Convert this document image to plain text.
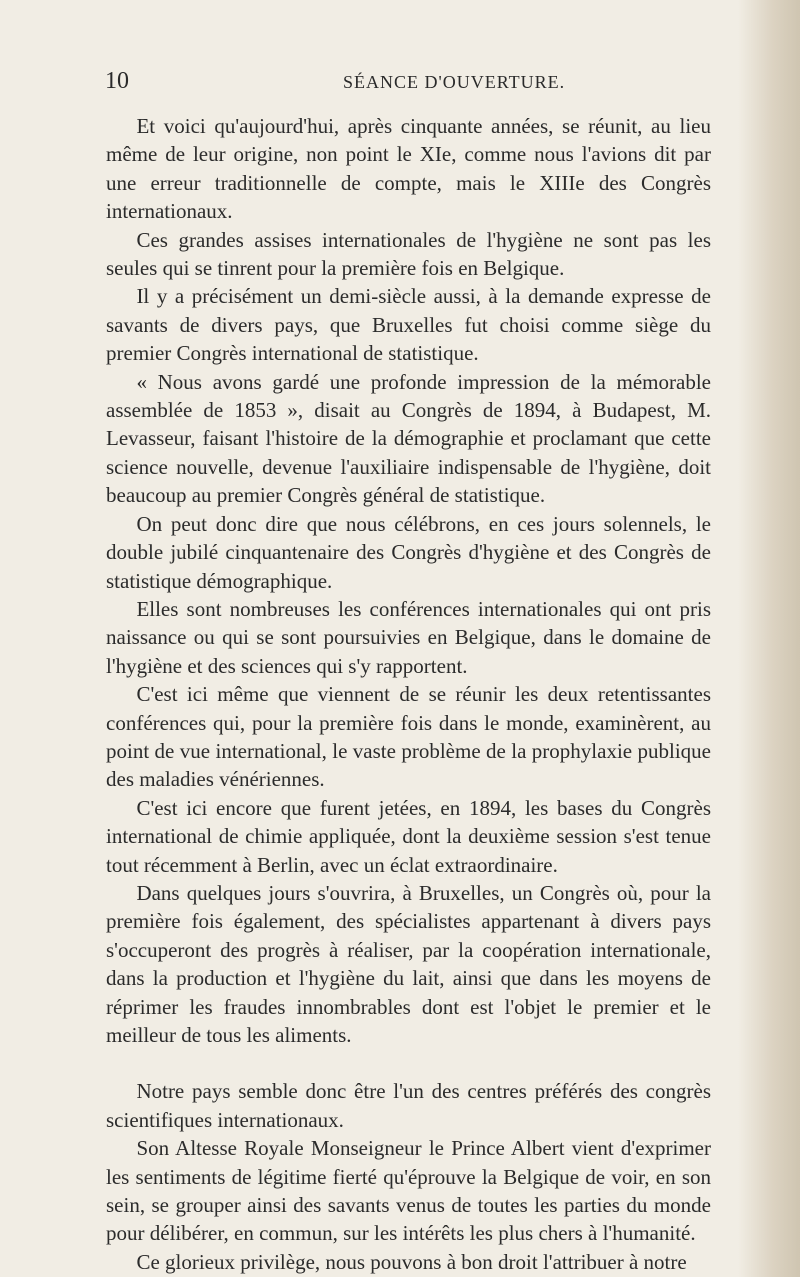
10	SÉANCE D'OUVERTURE.

Et voici qu'aujourd'hui, après cinquante années, se réunit, au lieu même de leur origine, non point le XIe, comme nous l'avions dit par une erreur traditionnelle de compte, mais le XIIIe des Congrès internationaux.

Ces grandes assises internationales de l'hygiène ne sont pas les seules qui se tinrent pour la première fois en Belgique.

Il y a précisément un demi-siècle aussi, à la demande expresse de savants de divers pays, que Bruxelles fut choisi comme siège du premier Congrès international de statistique.

« Nous avons gardé une profonde impression de la mémorable assemblée de 1853 », disait au Congrès de 1894, à Budapest, M. Levasseur, faisant l'histoire de la démographie et proclamant que cette science nouvelle, devenue l'auxiliaire indispensable de l'hygiène, doit beaucoup au premier Congrès général de statistique.

On peut donc dire que nous célébrons, en ces jours solennels, le double jubilé cinquantenaire des Congrès d'hygiène et des Congrès de statistique démographique.

Elles sont nombreuses les conférences internationales qui ont pris naissance ou qui se sont poursuivies en Belgique, dans le domaine de l'hygiène et des sciences qui s'y rapportent.

C'est ici même que viennent de se réunir les deux retentissantes conférences qui, pour la première fois dans le monde, examinèrent, au point de vue international, le vaste problème de la prophylaxie publique des maladies vénériennes.

C'est ici encore que furent jetées, en 1894, les bases du Congrès international de chimie appliquée, dont la deuxième session s'est tenue tout récemment à Berlin, avec un éclat extraordinaire.

Dans quelques jours s'ouvrira, à Bruxelles, un Congrès où, pour la première fois également, des spécialistes appartenant à divers pays s'occuperont des progrès à réaliser, par la coopération internationale, dans la production et l'hygiène du lait, ainsi que dans les moyens de réprimer les fraudes innombrables dont est l'objet le premier et le meilleur de tous les aliments.

Notre pays semble donc être l'un des centres préférés des congrès scientifiques internationaux.

Son Altesse Royale Monseigneur le Prince Albert vient d'exprimer les sentiments de légitime fierté qu'éprouve la Belgique de voir, en son sein, se grouper ainsi des savants venus de toutes les parties du monde pour délibérer, en commun, sur les intérêts les plus chers à l'humanité.

Ce glorieux privilège, nous pouvons à bon droit l'attribuer à notre
